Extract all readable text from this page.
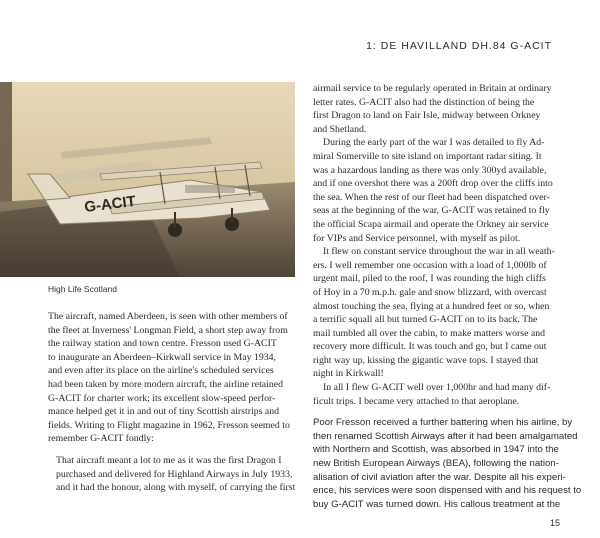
1: DE HAVILLAND DH.84 G-ACIT
G-ACIT
High Life Scotland

The aircraft, named Aberdeen, is seen with other members of
the fleet at Inverness' Longman Field, a short step away from
the railway station and town centre. Fresson used G-ACIT
to inaugurate an Aberdeen–Kirkwall service in May 1934,
and even after its place on the airline's scheduled services
had been taken by more modern aircraft, the airline retained
G-ACIT for charter work; its excellent slow-speed perfor-
mance helped get it in and out of tiny Scottish airstrips and
fields. Writing to Flight magazine in 1962, Fresson seemed to
remember G-ACIT fondly:

That aircraft meant a lot to me as it was the first Dragon I
purchased and delivered for Highland Airways in July 1933,
and it had the honour, along with myself, of carrying the first

airmail service to be regularly operated in Britain at ordinary
letter rates. G-ACIT also had the distinction of being the
first Dragon to land on Fair Isle, midway between Orkney
and Shetland.
During the early part of the war I was detailed to fly Ad-
miral Somerville to site island on important radar siting. It
was a hazardous landing as there was only 300yd available,
and if one overshot there was a 200ft drop over the cliffs into
the sea. When the rest of our fleet had been dispatched over-
seas at the beginning of the war, G-ACIT was retained to fly
the official Scapa airmail and operate the Orkney air service
for VIPs and Service personnel, with myself as pilot.
It flew on constant service throughout the war in all weath-
ers. I well remember one occasion with a load of 1,000lb of
urgent mail, piled to the roof, I was rounding the high cliffs
of Hoy in a 70 m.p.h. gale and snow blizzard, with overcast
almost touching the sea, flying at a hundred feet or so, when
a terrific squall all but turned G-ACIT on to its back. The
mail tumbled all over the cabin, to make matters worse and
recovery more difficult. It was touch and go, but I came out
right way up, kissing the gigantic wave tops. I stayed that
night in Kirkwall!
In all I flew G-ACIT well over 1,000hr and had many dif-
ficult trips. I became very attached to that aeroplane.

Poor Fresson received a further battering when his airline, by
then renamed Scottish Airways after it had been amalgamated
with Northern and Scottish, was absorbed in 1947 into the
new British European Airways (BEA), following the nation-
alisation of civil aviation after the war. Despite all his experi-
ence, his services were soon dispensed with and his request to
buy G-ACIT was turned down. His callous treatment at the

15
